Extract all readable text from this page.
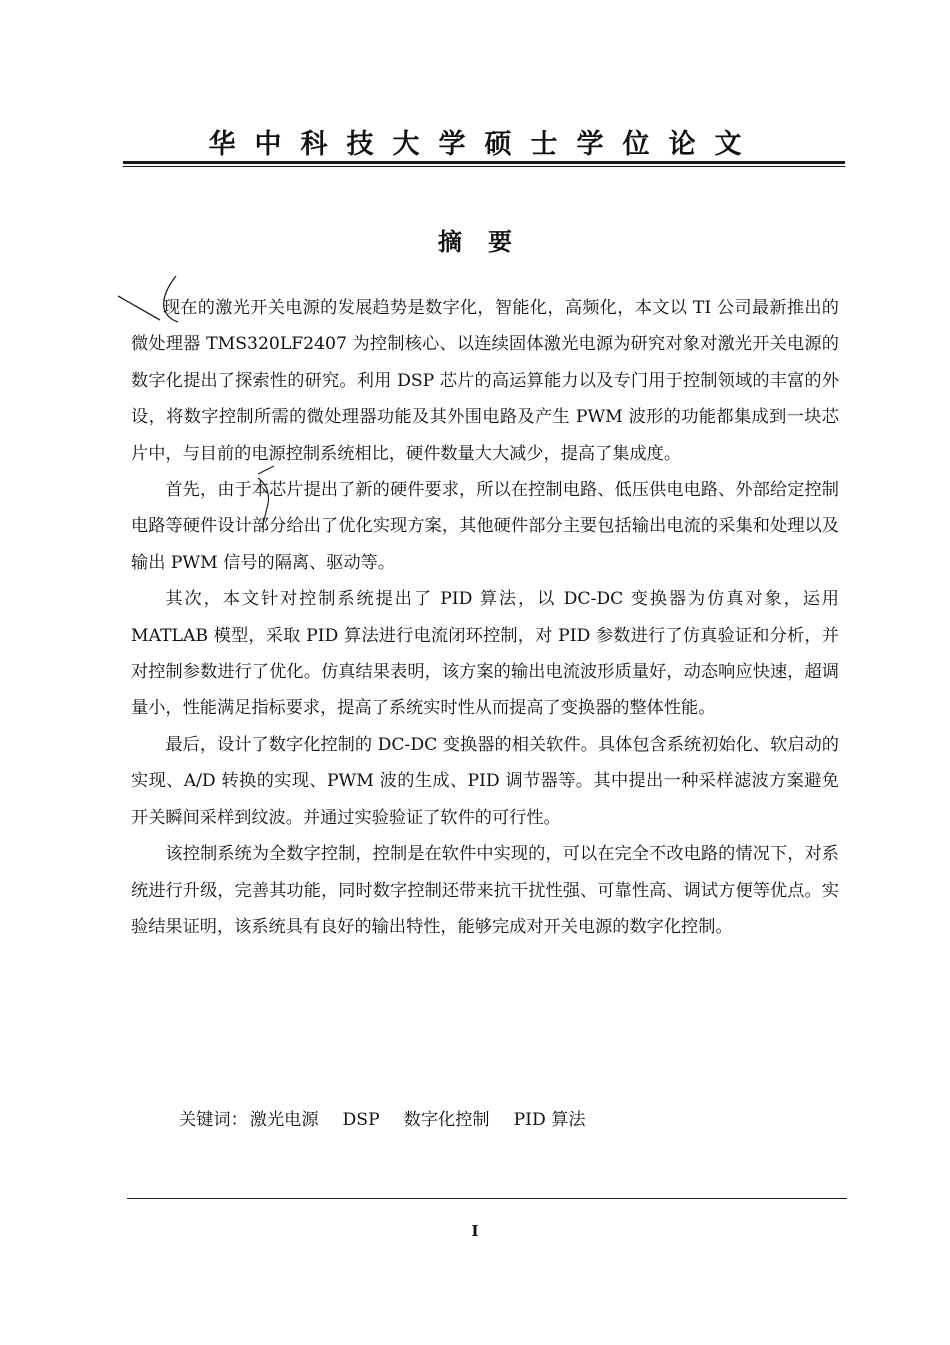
华中科技大学硕士学位论文
摘要

现在的激光开关电源的发展趋势是数字化，智能化，高频化，本文以 TI 公司最新推出的微处理器 TMS320LF2407 为控制核心、以连续固体激光电源为研究对象对激光开关电源的数字化提出了探索性的研究。利用 DSP 芯片的高运算能力以及专门用于控制领域的丰富的外设，将数字控制所需的微处理器功能及其外围电路及产生 PWM 波形的功能都集成到一块芯片中，与目前的电源控制系统相比，硬件数量大大减少，提高了集成度。

首先，由于本芯片提出了新的硬件要求，所以在控制电路、低压供电电路、外部给定控制电路等硬件设计部分给出了优化实现方案，其他硬件部分主要包括输出电流的采集和处理以及输出 PWM 信号的隔离、驱动等。

其次，本文针对控制系统提出了 PID 算法，以 DC-DC 变换器为仿真对象，运用 MATLAB 模型，采取 PID 算法进行电流闭环控制，对 PID 参数进行了仿真验证和分析，并对控制参数进行了优化。仿真结果表明，该方案的输出电流波形质量好，动态响应快速，超调量小，性能满足指标要求，提高了系统实时性从而提高了变换器的整体性能。

最后，设计了数字化控制的 DC-DC 变换器的相关软件。具体包含系统初始化、软启动的实现、A/D 转换的实现、PWM 波的生成、PID 调节器等。其中提出一种采样滤波方案避免开关瞬间采样到纹波。并通过实验验证了软件的可行性。

该控制系统为全数字控制，控制是在软件中实现的，可以在完全不改电路的情况下，对系统进行升级，完善其功能，同时数字控制还带来抗干扰性强、可靠性高、调试方便等优点。实验结果证明，该系统具有良好的输出特性，能够完成对开关电源的数字化控制。

关键词： 激光电源 DSP 数字化控制 PID 算法
I
